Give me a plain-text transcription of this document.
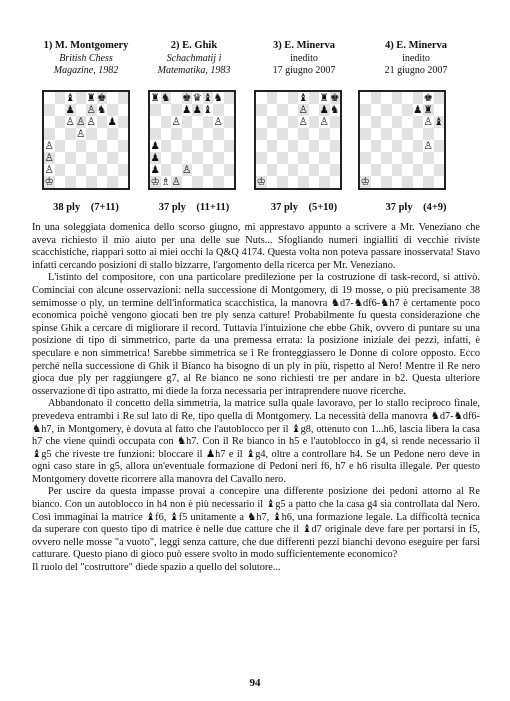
1) M. Montgomery
British Chess
Magazine, 1982
2) E. Ghik
Schachmatij i
Matematika, 1983
3) E. Minerva
inedito
17 giugno 2007
4) E. Minerva
inedito
21 giugno 2007
♝ ♜ ♚
♟ ♙ ♞
♙ ♙ ♙ ♟
♙
♙
♙
♙
♔
♜ ♞ ♚ ♛ ♝ ♞
♟ ♟ ♝
♙	♙
♟
♟
♟ ♙
♔ ♗ ♙
♝ ♜ ♚
♙ ♟ ♞
♙ ♙
♔
♚
♟ ♜
♙ ♝
♙
♔
38 ply (7+11)	37 ply (11+11)	37 ply (5+10)	37 ply (4+9)

In una soleggiata domenica dello scorso giugno, mi apprestavo appunto a scrivere a Mr. Veneziano che aveva richiesto il mio aiuto per una delle sue Nuts... Sfogliando numeri ingialliti di vecchie riviste scacchistiche, riapparì sotto ai miei occhi la Q&Q 4174. Questa volta non poteva passare inosservata! Stavo infatti cercando posizioni di stallo bizzarre, l'argomento della ricerca per Mr. Veneziano.

L'istinto del compositore, con una particolare predilezione per la costruzione di task-record, si attivò. Cominciai con alcune osservazioni: nella successione di Montgomery, di 19 mosse, o più precisamente 38 semimosse o ply, un termine dell'informatica scacchistica, la manovra ♞d7-♞df6-♞h7 è certamente poco economica poichè vengono giocati ben tre ply senza catture! Probabilmente fu questa considerazione che spinse Ghik a cercare di migliorare il record. Tuttavia l'intuizione che ebbe Ghik, ovvero di puntare su una posizione di tipo di simmetrico, parte da una premessa errata: la posizione iniziale dei pezzi, infatti, è speculare e non simmetrica! Sarebbe simmetrica se i Re fronteggiassero le Donne di colore opposto. Ecco perché nella successione di Ghik il Bianco ha bisogno di un ply in più, rispetto al Nero! Mentre il Re nero gioca due ply per raggiungere g7, al Re bianco ne sono richiesti tre per andare in b2. Questa ulteriore osservazione di tipo astratto, mi diede la forza necessaria per intraprendere nuove ricerche.

Abbandonato il concetto della simmetria, la matrice sulla quale lavoravo, per lo stallo reciproco finale, prevedeva entrambi i Re sul lato di Re, tipo quella di Montgomery. La necessità della manovra ♞d7-♞df6-♞h7, in Montgomery, è dovuta al fatto che l'autoblocco per il ♝g8, ottenuto con 1...h6, lascia libera la casa h7 che viene quindi occupata con ♞h7. Con il Re bianco in h5 e l'autoblocco in g4, si rende necessario il ♝g5 che riveste tre funzioni: bloccare il ♟h7 e il ♝g4, oltre a controllare h4. Se un Pedone nero deve in ogni caso stare in g5, allora un'eventuale formazione di Pedoni neri f6, h7 e h6 risulta illegale. Per questo Montgomery dovette ricorrere alla manovra del Cavallo nero.

Per uscire da questa impasse provai a concepire una differente posizione dei pedoni attorno al Re bianco. Con un autoblocco in h4 non è più necessario il ♝g5 a patto che la casa g4 sia controllata dal Nero. Così immaginai la matrice ♝f6, ♝f5 unitamente a ♞h7, ♝h6, una formazione legale. La difficoltà tecnica da superare con questo tipo di matrice è nelle due catture che il ♝d7 originale deve fare per portarsi in f5, ovvero nelle mosse "a vuoto", leggi senza catture, che due differenti pezzi bianchi devono eseguire per farsi catturare. Questo piano di gioco può essere svolto in modo sufficientemente economico?

Il ruolo del "costruttore" diede spazio a quello del solutore...

94
